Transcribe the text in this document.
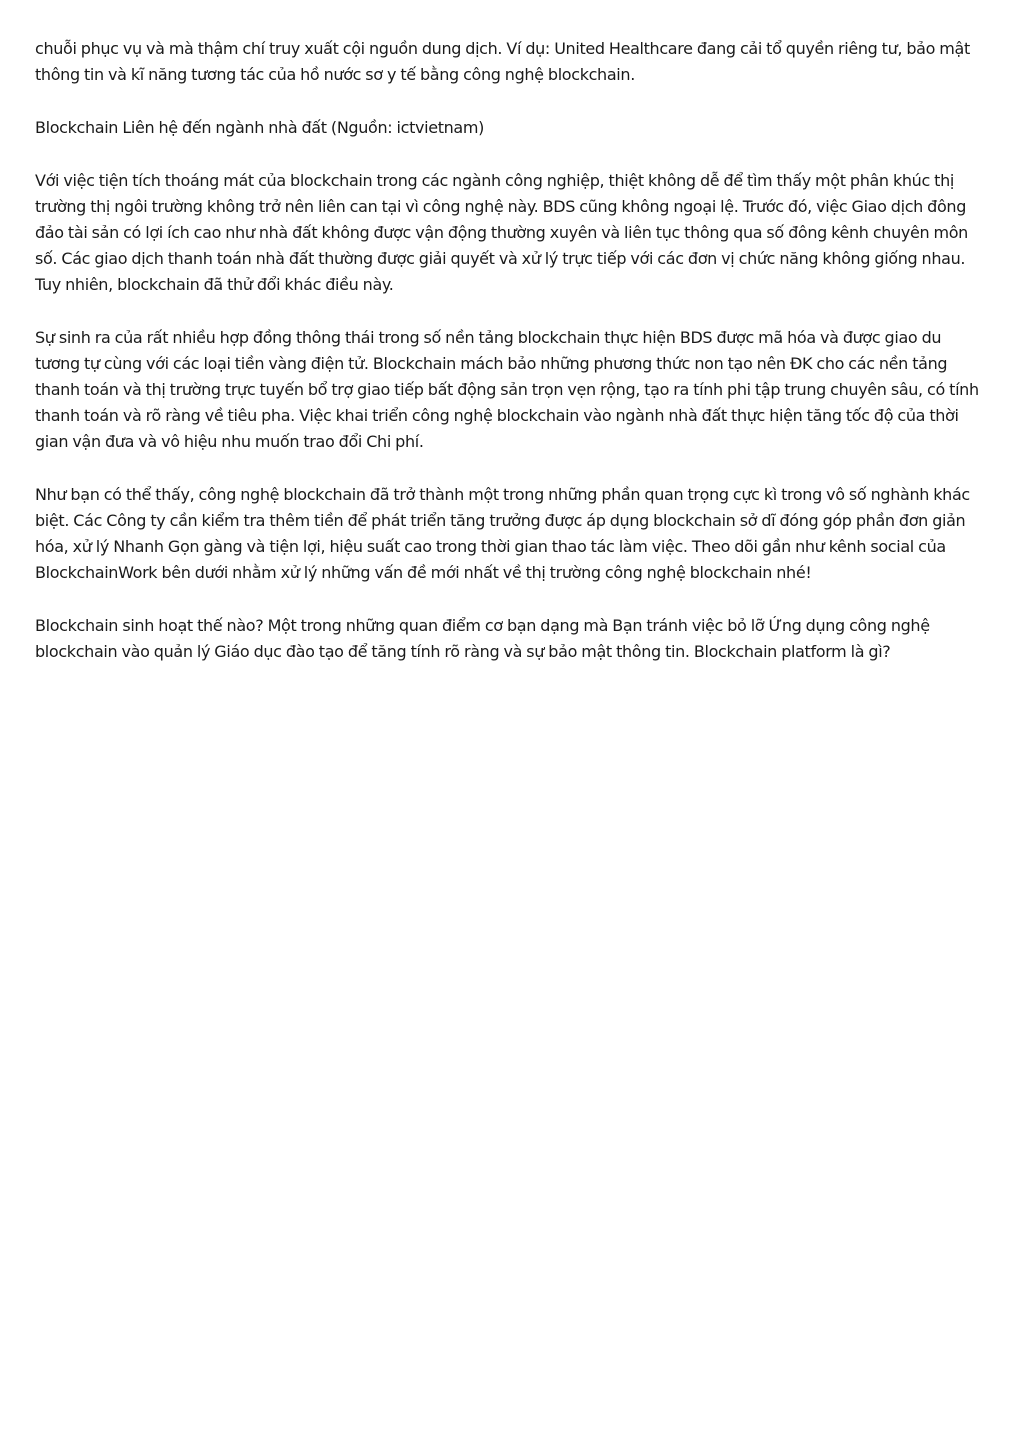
chuỗi phục vụ và mà thậm chí truy xuất cội nguồn dung dịch. Ví dụ: United Healthcare đang cải tổ quyền riêng tư, bảo mật thông tin và kĩ năng tương tác của hồ nước sơ y tế bằng công nghệ blockchain.

Blockchain Liên hệ đến ngành nhà đất (Nguồn: ictvietnam)

Với việc tiện tích thoáng mát của blockchain trong các ngành công nghiệp, thiệt không dễ để tìm thấy một phân khúc thị trường thị ngôi trường không trở nên liên can tại vì công nghệ này. BDS cũng không ngoại lệ. Trước đó, việc Giao dịch đông đảo tài sản có lợi ích cao như nhà đất không được vận động thường xuyên và liên tục thông qua số đông kênh chuyên môn số. Các giao dịch thanh toán nhà đất thường được giải quyết và xử lý trực tiếp với các đơn vị chức năng không giống nhau. Tuy nhiên, blockchain đã thử đổi khác điều này.

Sự sinh ra của rất nhiều hợp đồng thông thái trong số nền tảng blockchain thực hiện BDS được mã hóa và được giao du tương tự cùng với các loại tiền vàng điện tử. Blockchain mách bảo những phương thức non tạo nên ĐK cho các nền tảng thanh toán và thị trường trực tuyến bổ trợ giao tiếp bất động sản trọn vẹn rộng, tạo ra tính phi tập trung chuyên sâu, có tính thanh toán và rõ ràng về tiêu pha. Việc khai triển công nghệ blockchain vào ngành nhà đất thực hiện tăng tốc độ của thời gian vận đưa và vô hiệu nhu muốn trao đổi Chi phí.

Như bạn có thể thấy, công nghệ blockchain đã trở thành một trong những phần quan trọng cực kì trong vô số nghành khác biệt. Các Công ty cần kiểm tra thêm tiền để phát triển tăng trưởng được áp dụng blockchain sở dĩ đóng góp phần đơn giản hóa, xử lý Nhanh Gọn gàng và tiện lợi, hiệu suất cao trong thời gian thao tác làm việc. Theo dõi gần như kênh social của BlockchainWork bên dưới nhằm xử lý những vấn đề mới nhất về thị trường công nghệ blockchain nhé!

Blockchain sinh hoạt thế nào? Một trong những quan điểm cơ bạn dạng mà Bạn tránh việc bỏ lỡ Ứng dụng công nghệ blockchain vào quản lý Giáo dục đào tạo để tăng tính rõ ràng và sự bảo mật thông tin. Blockchain platform là gì?
